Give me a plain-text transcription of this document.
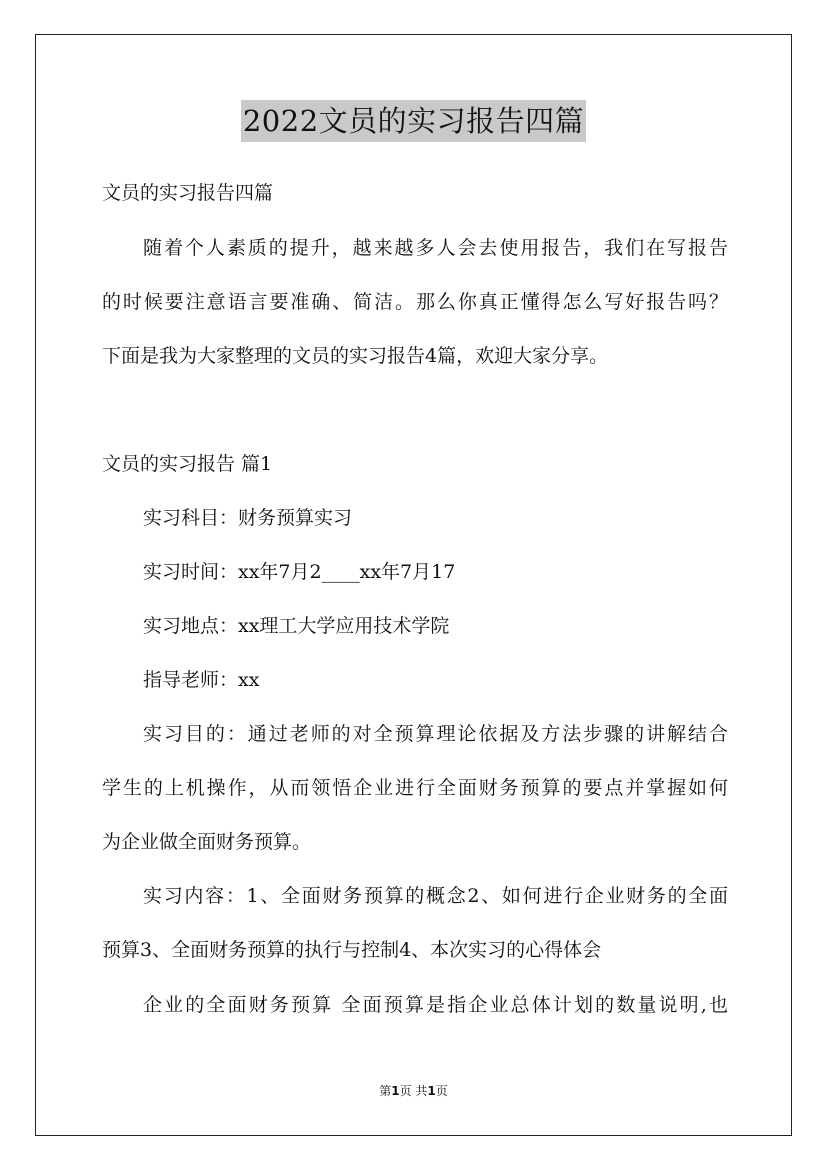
2022文员的实习报告四篇
文员的实习报告四篇
随着个人素质的提升，越来越多人会去使用报告，我们在写报告
的时候要注意语言要准确、简洁。那么你真正懂得怎么写好报告吗？
下面是我为大家整理的文员的实习报告4篇，欢迎大家分享。
文员的实习报告 篇1
实习科目：财务预算实习
实习时间：xx年7月2____xx年7月17
实习地点：xx理工大学应用技术学院
指导老师：xx
实习目的：通过老师的对全预算理论依据及方法步骤的讲解结合
学生的上机操作，从而领悟企业进行全面财务预算的要点并掌握如何
为企业做全面财务预算。
实习内容：1、全面财务预算的概念2、如何进行企业财务的全面
预算3、全面财务预算的执行与控制4、本次实习的心得体会
企业的全面财务预算 全面预算是指企业总体计划的数量说明,也
第1页 共1页
